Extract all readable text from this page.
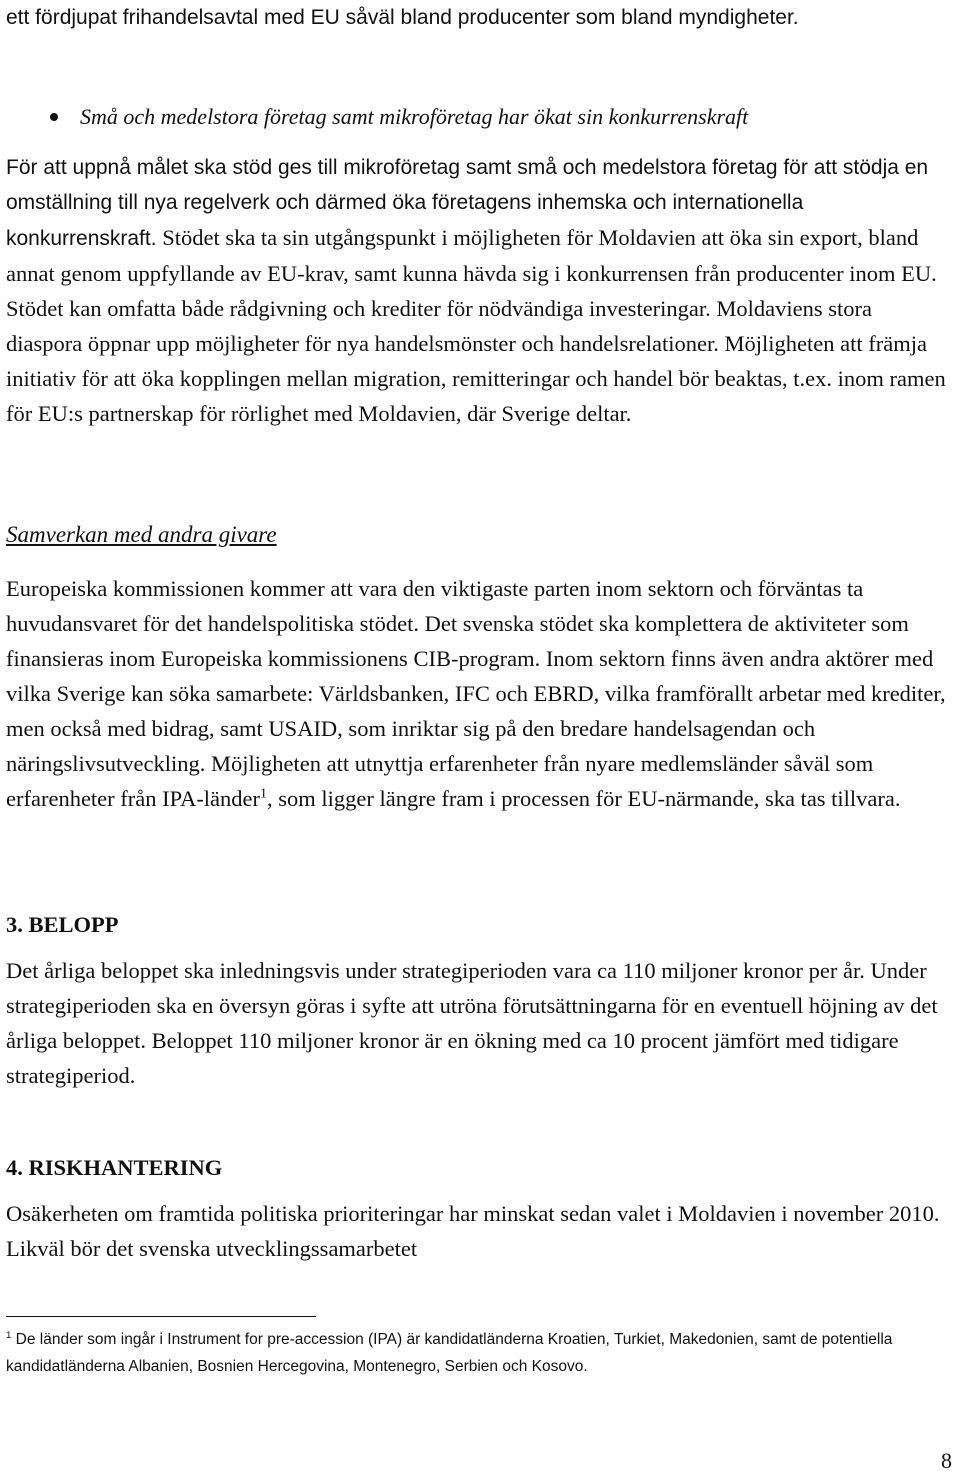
ett fördjupat frihandelsavtal med EU såväl bland producenter som bland myndigheter.

Små och medelstora företag samt mikroföretag har ökat sin konkurrenskraft

För att uppnå målet ska stöd ges till mikroföretag samt små och medelstora företag för att stödja en omställning till nya regelverk och därmed öka företagens inhemska och internationella konkurrenskraft. Stödet ska ta sin utgångspunkt i möjligheten för Moldavien att öka sin export, bland annat genom uppfyllande av EU-krav, samt kunna hävda sig i konkurrensen från producenter inom EU. Stödet kan omfatta både rådgivning och krediter för nödvändiga investeringar. Moldaviens stora diaspora öppnar upp möjligheter för nya handelsmönster och handelsrelationer. Möjligheten att främja initiativ för att öka kopplingen mellan migration, remitteringar och handel bör beaktas, t.ex. inom ramen för EU:s partnerskap för rörlighet med Moldavien, där Sverige deltar.

Samverkan med andra givare

Europeiska kommissionen kommer att vara den viktigaste parten inom sektorn och förväntas ta huvudansvaret för det handelspolitiska stödet. Det svenska stödet ska komplettera de aktiviteter som finansieras inom Europeiska kommissionens CIB-program. Inom sektorn finns även andra aktörer med vilka Sverige kan söka samarbete: Världsbanken, IFC och EBRD, vilka framförallt arbetar med krediter, men också med bidrag, samt USAID, som inriktar sig på den bredare handelsagendan och näringslivsutveckling. Möjligheten att utnyttja erfarenheter från nyare medlemsländer såväl som erfarenheter från IPA-länder$^1$, som ligger längre fram i processen för EU-närmande, ska tas tillvara.

3. BELOPP

Det årliga beloppet ska inledningsvis under strategiperioden vara ca 110 miljoner kronor per år. Under strategiperioden ska en översyn göras i syfte att utröna förutsättningarna för en eventuell höjning av det årliga beloppet. Beloppet 110 miljoner kronor är en ökning med ca 10 procent jämfört med tidigare strategiperiod.

4. RISKHANTERING

Osäkerheten om framtida politiska prioriteringar har minskat sedan valet i Moldavien i november 2010. Likväl bör det svenska utvecklingssamarbetet

$^1$ De länder som ingår i Instrument for pre-accession (IPA) är kandidatländerna Kroatien, Turkiet, Makedonien, samt de potentiella kandidatländerna Albanien, Bosnien Hercegovina, Montenegro, Serbien och Kosovo.

8
